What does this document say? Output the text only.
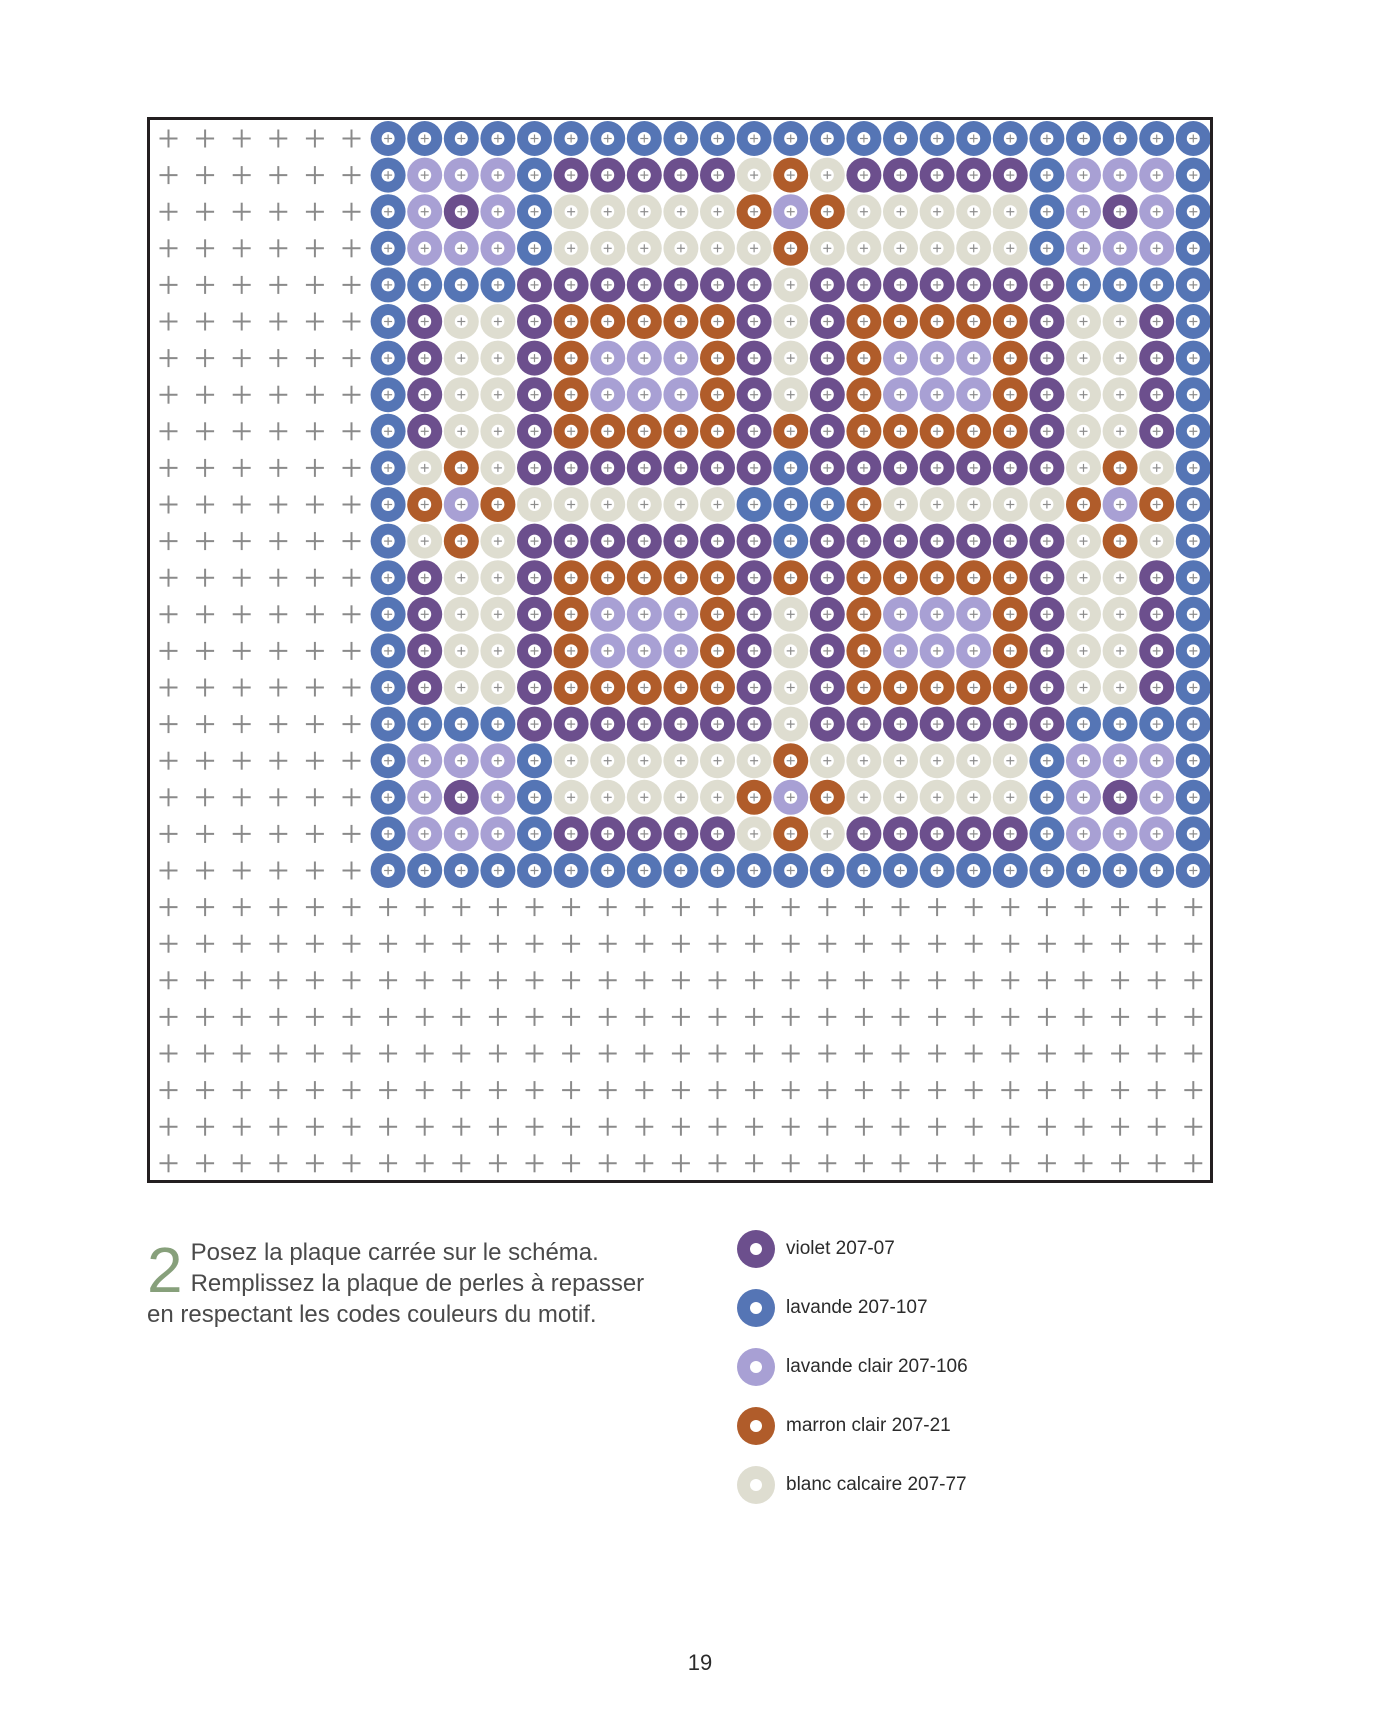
2 Posez la plaque carrée sur le schéma. Remplissez la plaque de perles à repasser en respectant les codes couleurs du motif.
violet 207-07
lavande 207-107
lavande clair 207-106
marron clair 207-21
blanc calcaire 207-77
19
